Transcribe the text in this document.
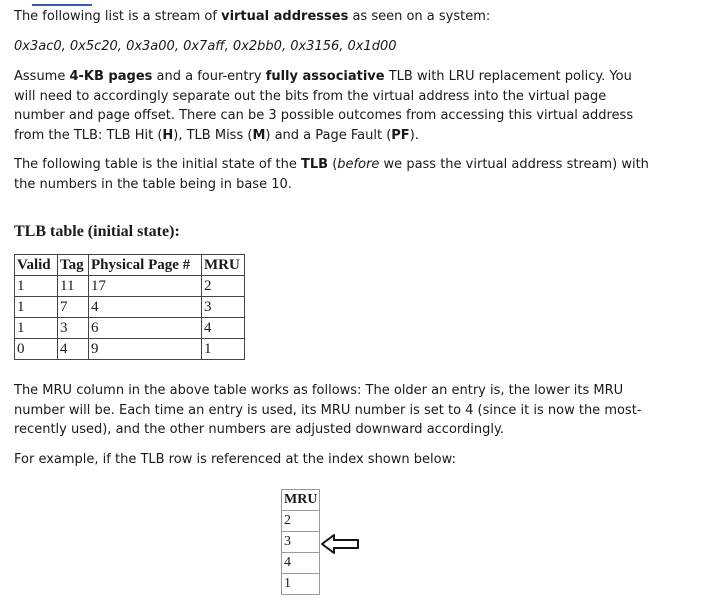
The following list is a stream of virtual addresses as seen on a system:

0x3ac0, 0x5c20, 0x3a00, 0x7aff, 0x2bb0, 0x3156, 0x1d00

Assume 4-KB pages and a four-entry fully associative TLB with LRU replacement policy. You will need to accordingly separate out the bits from the virtual address into the virtual page number and page offset. There can be 3 possible outcomes from accessing this virtual address from the TLB: TLB Hit (H), TLB Miss (M) and a Page Fault (PF).

The following table is the initial state of the TLB (before we pass the virtual address stream) with the numbers in the table being in base 10.

TLB table (initial state):
Valid	Tag	Physical Page #	MRU
1	11	17	2
1	7	4	3
1	3	6	4
0	4	9	1

The MRU column in the above table works as follows: The older an entry is, the lower its MRU number will be. Each time an entry is used, its MRU number is set to 4 (since it is now the most-recently used), and the other numbers are adjusted downward accordingly.

For example, if the TLB row is referenced at the index shown below:

MRU
2
3
4
1
